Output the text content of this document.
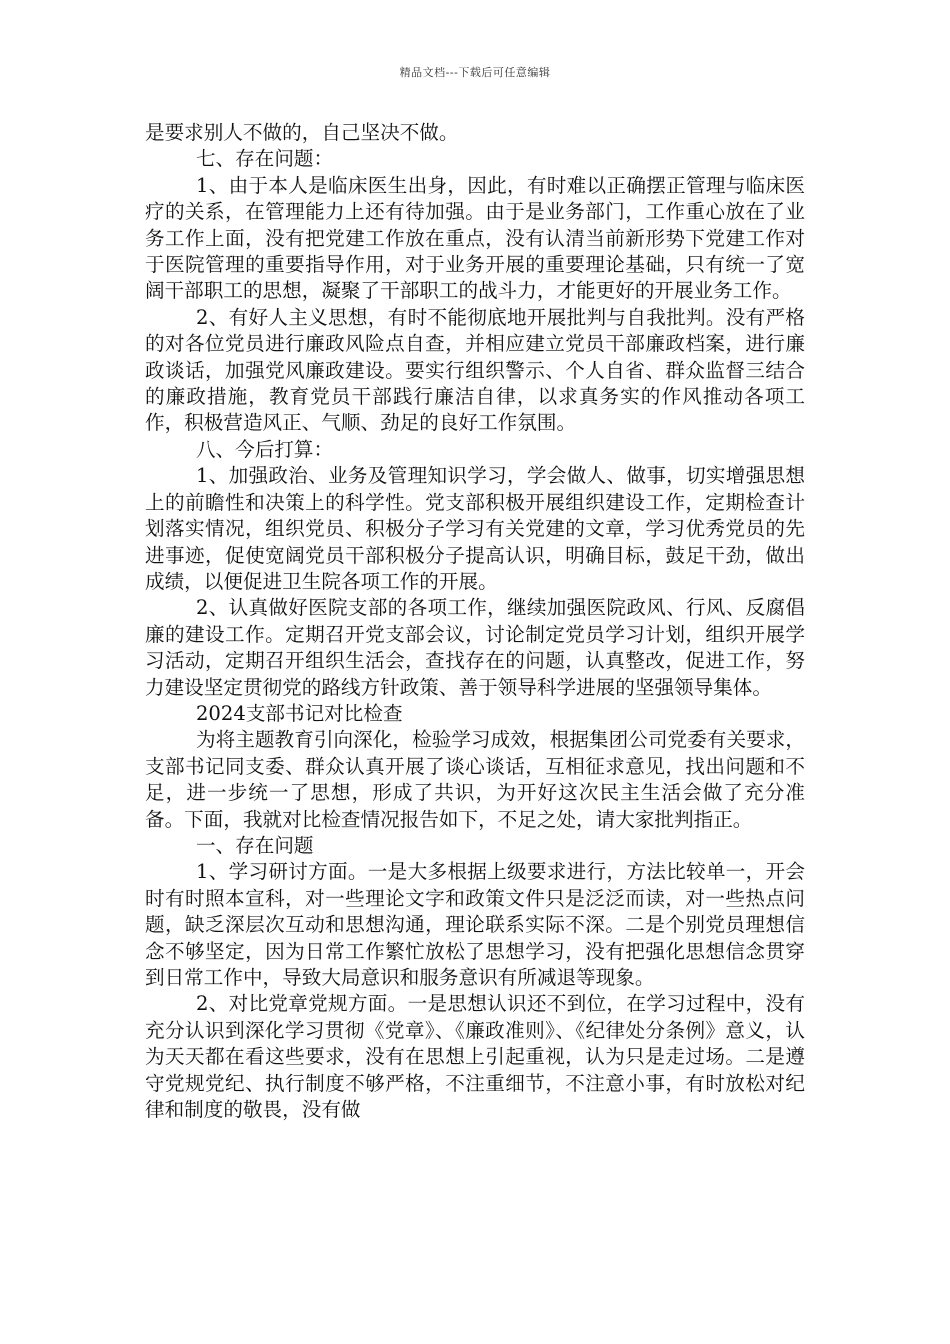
精品文档---下载后可任意编辑

是要求别人不做的，自己坚决不做。

七、存在问题：

1、由于本人是临床医生出身，因此，有时难以正确摆正管理与临床医疗的关系，在管理能力上还有待加强。由于是业务部门，工作重心放在了业务工作上面，没有把党建工作放在重点，没有认清当前新形势下党建工作对于医院管理的重要指导作用，对于业务开展的重要理论基础，只有统一了宽阔干部职工的思想，凝聚了干部职工的战斗力，才能更好的开展业务工作。

2、有好人主义思想，有时不能彻底地开展批判与自我批判。没有严格的对各位党员进行廉政风险点自查，并相应建立党员干部廉政档案，进行廉政谈话，加强党风廉政建设。要实行组织警示、个人自省、群众监督三结合的廉政措施，教育党员干部践行廉洁自律，以求真务实的作风推动各项工作，积极营造风正、气顺、劲足的良好工作氛围。

八、今后打算：

1、加强政治、业务及管理知识学习，学会做人、做事，切实增强思想上的前瞻性和决策上的科学性。党支部积极开展组织建设工作，定期检查计划落实情况，组织党员、积极分子学习有关党建的文章，学习优秀党员的先进事迹，促使宽阔党员干部积极分子提高认识，明确目标，鼓足干劲，做出成绩，以便促进卫生院各项工作的开展。

2、认真做好医院支部的各项工作，继续加强医院政风、行风、反腐倡廉的建设工作。定期召开党支部会议，讨论制定党员学习计划，组织开展学习活动，定期召开组织生活会，查找存在的问题，认真整改，促进工作，努力建设坚定贯彻党的路线方针政策、善于领导科学进展的坚强领导集体。

2024支部书记对比检查

为将主题教育引向深化，检验学习成效，根据集团公司党委有关要求，支部书记同支委、群众认真开展了谈心谈话，互相征求意见，找出问题和不足，进一步统一了思想，形成了共识，为开好这次民主生活会做了充分准备。下面，我就对比检查情况报告如下，不足之处，请大家批判指正。

一、存在问题

1、学习研讨方面。一是大多根据上级要求进行，方法比较单一，开会时有时照本宣科，对一些理论文字和政策文件只是泛泛而读，对一些热点问题，缺乏深层次互动和思想沟通，理论联系实际不深。二是个别党员理想信念不够坚定，因为日常工作繁忙放松了思想学习，没有把强化思想信念贯穿到日常工作中，导致大局意识和服务意识有所减退等现象。

2、对比党章党规方面。一是思想认识还不到位，在学习过程中，没有充分认识到深化学习贯彻《党章》、《廉政准则》、《纪律处分条例》意义，认为天天都在看这些要求，没有在思想上引起重视，认为只是走过场。二是遵守党规党纪、执行制度不够严格，不注重细节，不注意小事，有时放松对纪律和制度的敬畏，没有做
